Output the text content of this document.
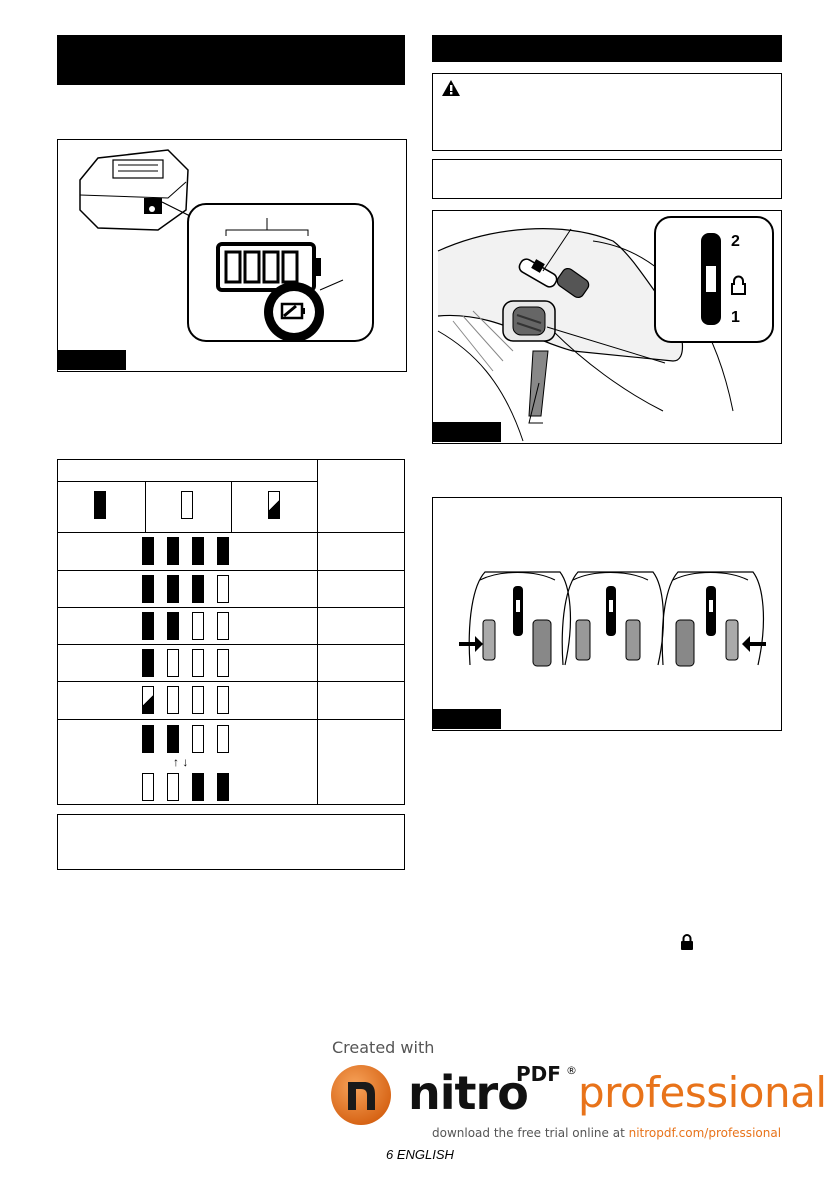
↑ ↓
2
1
Created with
nitro
PDF ® professional
download the free trial online at nitropdf.com/professional
6 ENGLISH
